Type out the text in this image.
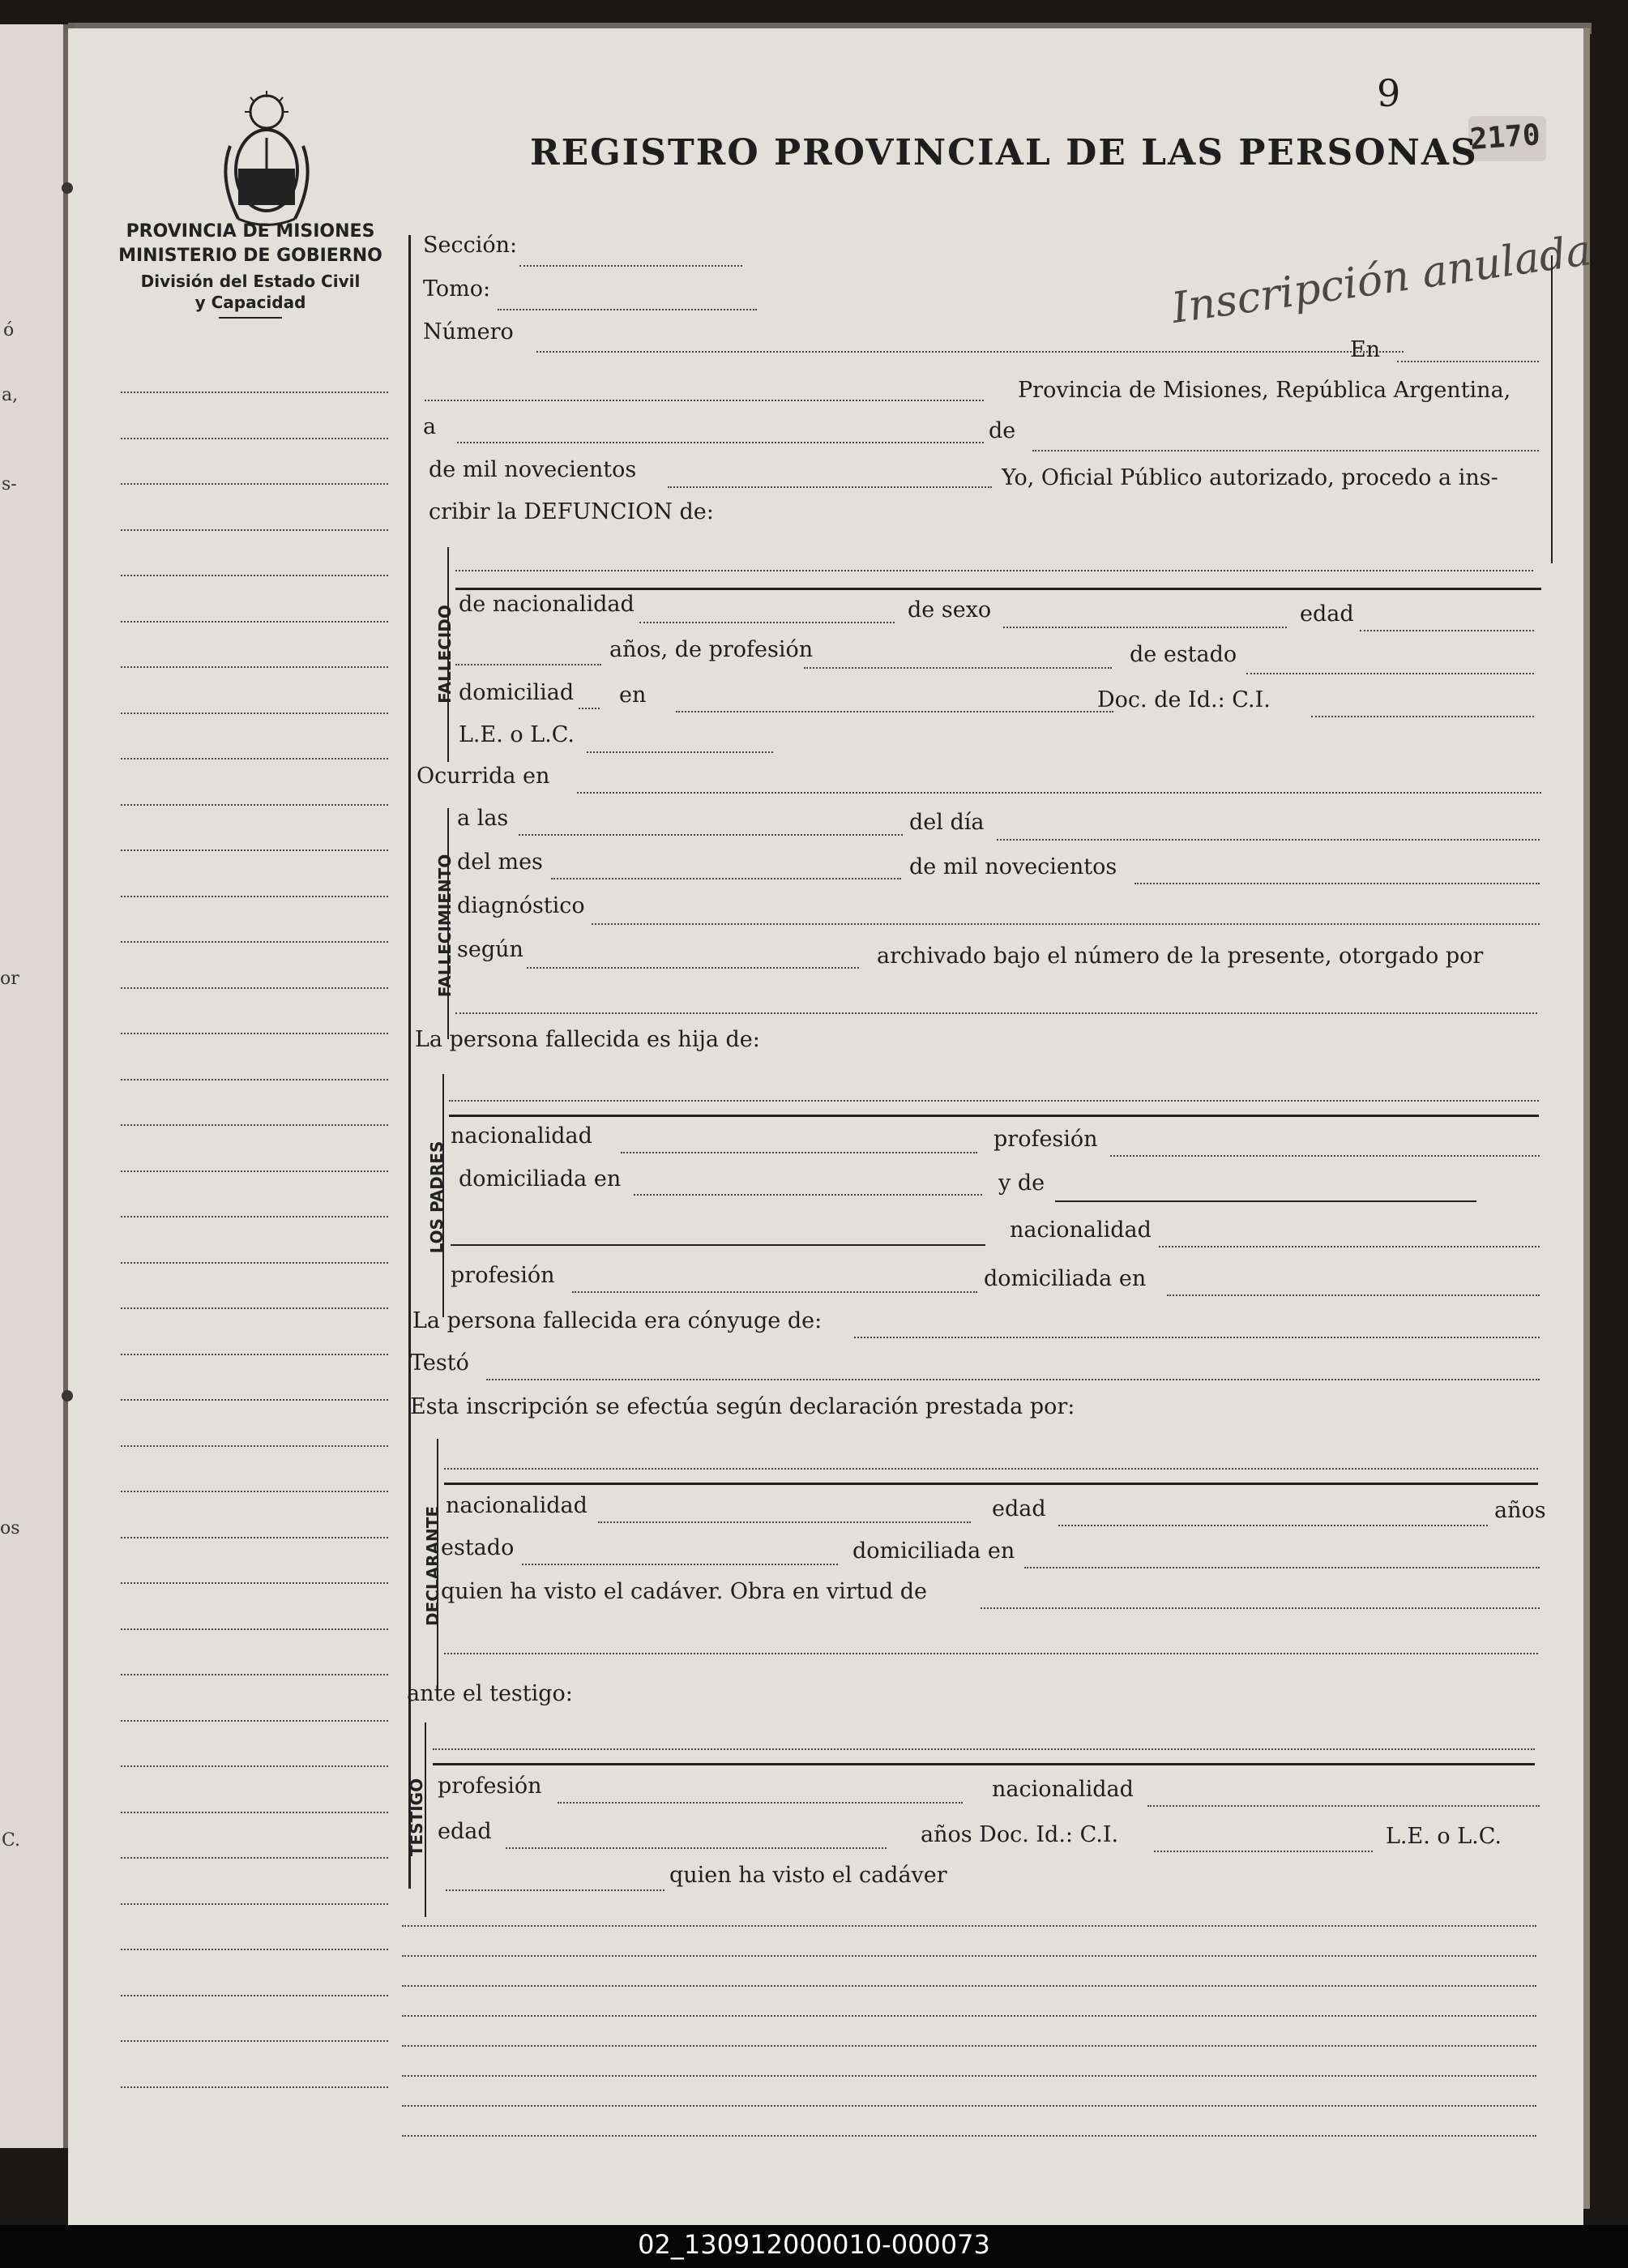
ó
a,
s-
or
os
C.
PROVINCIA DE MISIONES
MINISTERIO DE GOBIERNO
División del Estado Civil
y Capacidad
9
2170
REGISTRO PROVINCIAL DE LAS PERSONAS
Inscripción anulada
Sección:
Tomo:
Número
En
Provincia de Misiones, República Argentina,
a	de
de mil novecientos	Yo, Oficial Público autorizado, procedo a ins-
cribir la DEFUNCION de:
FALLECIDO
de nacionalidad	de sexo	edad
años, de profesión	de estado
domiciliad en	Doc. de Id.: C.I.
L.E. o L.C.
Ocurrida en
FALLECIMIENTO
a las	del día
del mes	de mil novecientos
diagnóstico
según	archivado bajo el número de la presente, otorgado por
La persona fallecida es hija de:
LOS PADRES
nacionalidad	profesión
domiciliada en	y de
nacionalidad
profesión	domiciliada en
La persona fallecida era cónyuge de:
Testó
Esta inscripción se efectúa según declaración prestada por:
DECLARANTE
nacionalidad	edad	años
estado	domiciliada en
quien ha visto el cadáver. Obra en virtud de
ante el testigo:
TESTIGO profesión	nacionalidad
edad	años Doc. Id.: C.I.	L.E. o L.C.
quien ha visto el cadáver
02_130912000010-000073
